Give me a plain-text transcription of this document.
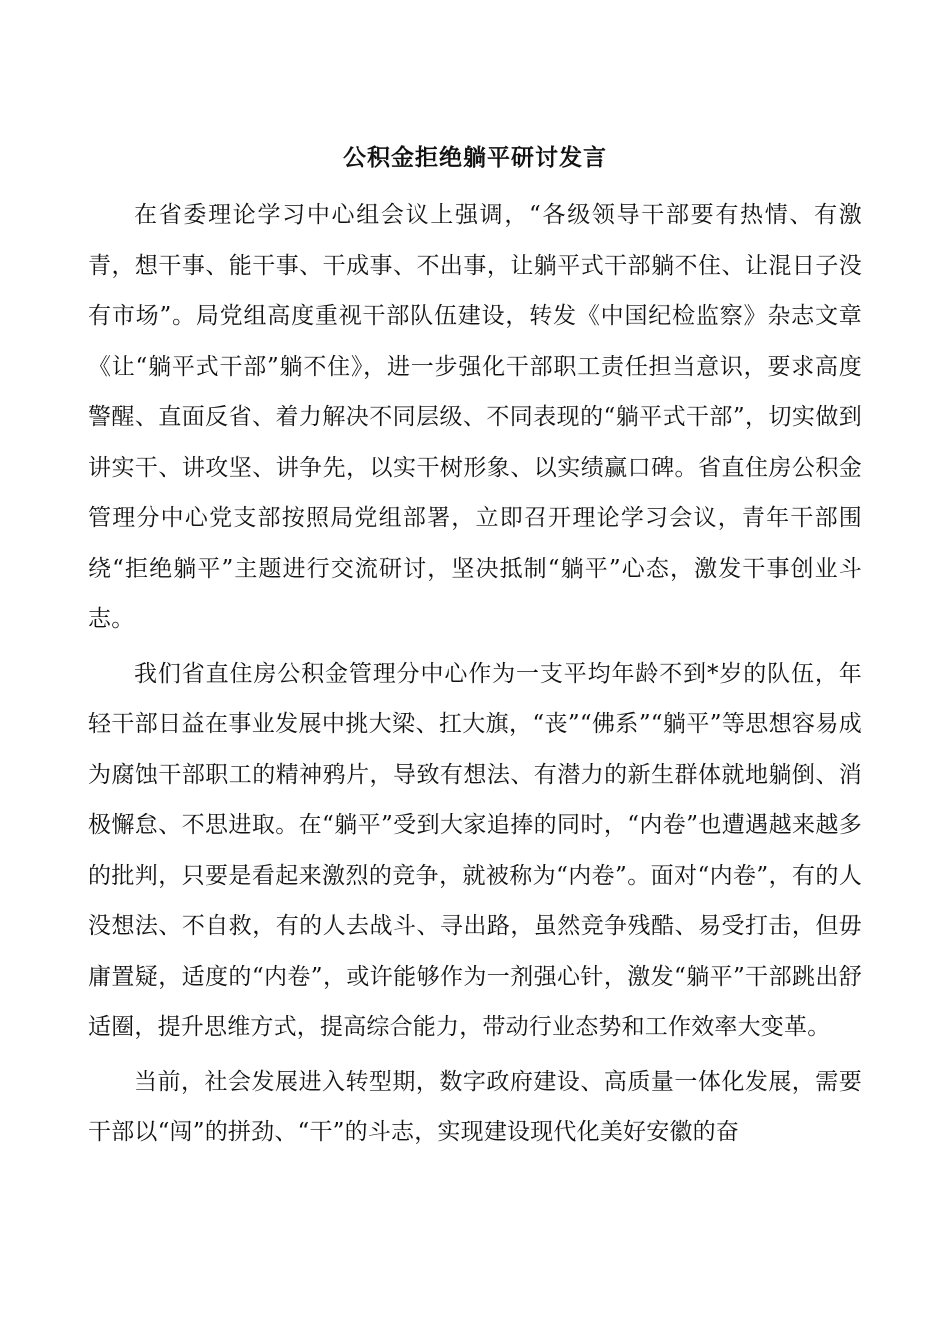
公积金拒绝躺平研讨发言

在省委理论学习中心组会议上强调，“各级领导干部要有热情、有激青，想干事、能干事、干成事、不出事，让躺平式干部躺不住、让混日子没有市场”。局党组高度重视干部队伍建设，转发《中国纪检监察》杂志文章《让“躺平式干部”躺不住》，进一步强化干部职工责任担当意识，要求高度警醒、直面反省、着力解决不同层级、不同表现的“躺平式干部”，切实做到讲实干、讲攻坚、讲争先，以实干树形象、以实绩赢口碑。省直住房公积金管理分中心党支部按照局党组部署，立即召开理论学习会议，青年干部围绕“拒绝躺平”主题进行交流研讨，坚决抵制“躺平”心态，激发干事创业斗志。

我们省直住房公积金管理分中心作为一支平均年龄不到*岁的队伍，年轻干部日益在事业发展中挑大梁、扛大旗，“丧”“佛系”“躺平”等思想容易成为腐蚀干部职工的精神鸦片，导致有想法、有潜力的新生群体就地躺倒、消极懈怠、不思进取。在“躺平”受到大家追捧的同时，“内卷”也遭遇越来越多的批判，只要是看起来激烈的竞争，就被称为“内卷”。面对“内卷”，有的人没想法、不自救，有的人去战斗、寻出路，虽然竞争残酷、易受打击，但毋庸置疑，适度的“内卷”，或许能够作为一剂强心针，激发“躺平”干部跳出舒适圈，提升思维方式，提高综合能力，带动行业态势和工作效率大变革。

当前，社会发展进入转型期，数字政府建设、高质量一体化发展，需要干部以“闯”的拼劲、“干”的斗志，实现建设现代化美好安徽的奋
